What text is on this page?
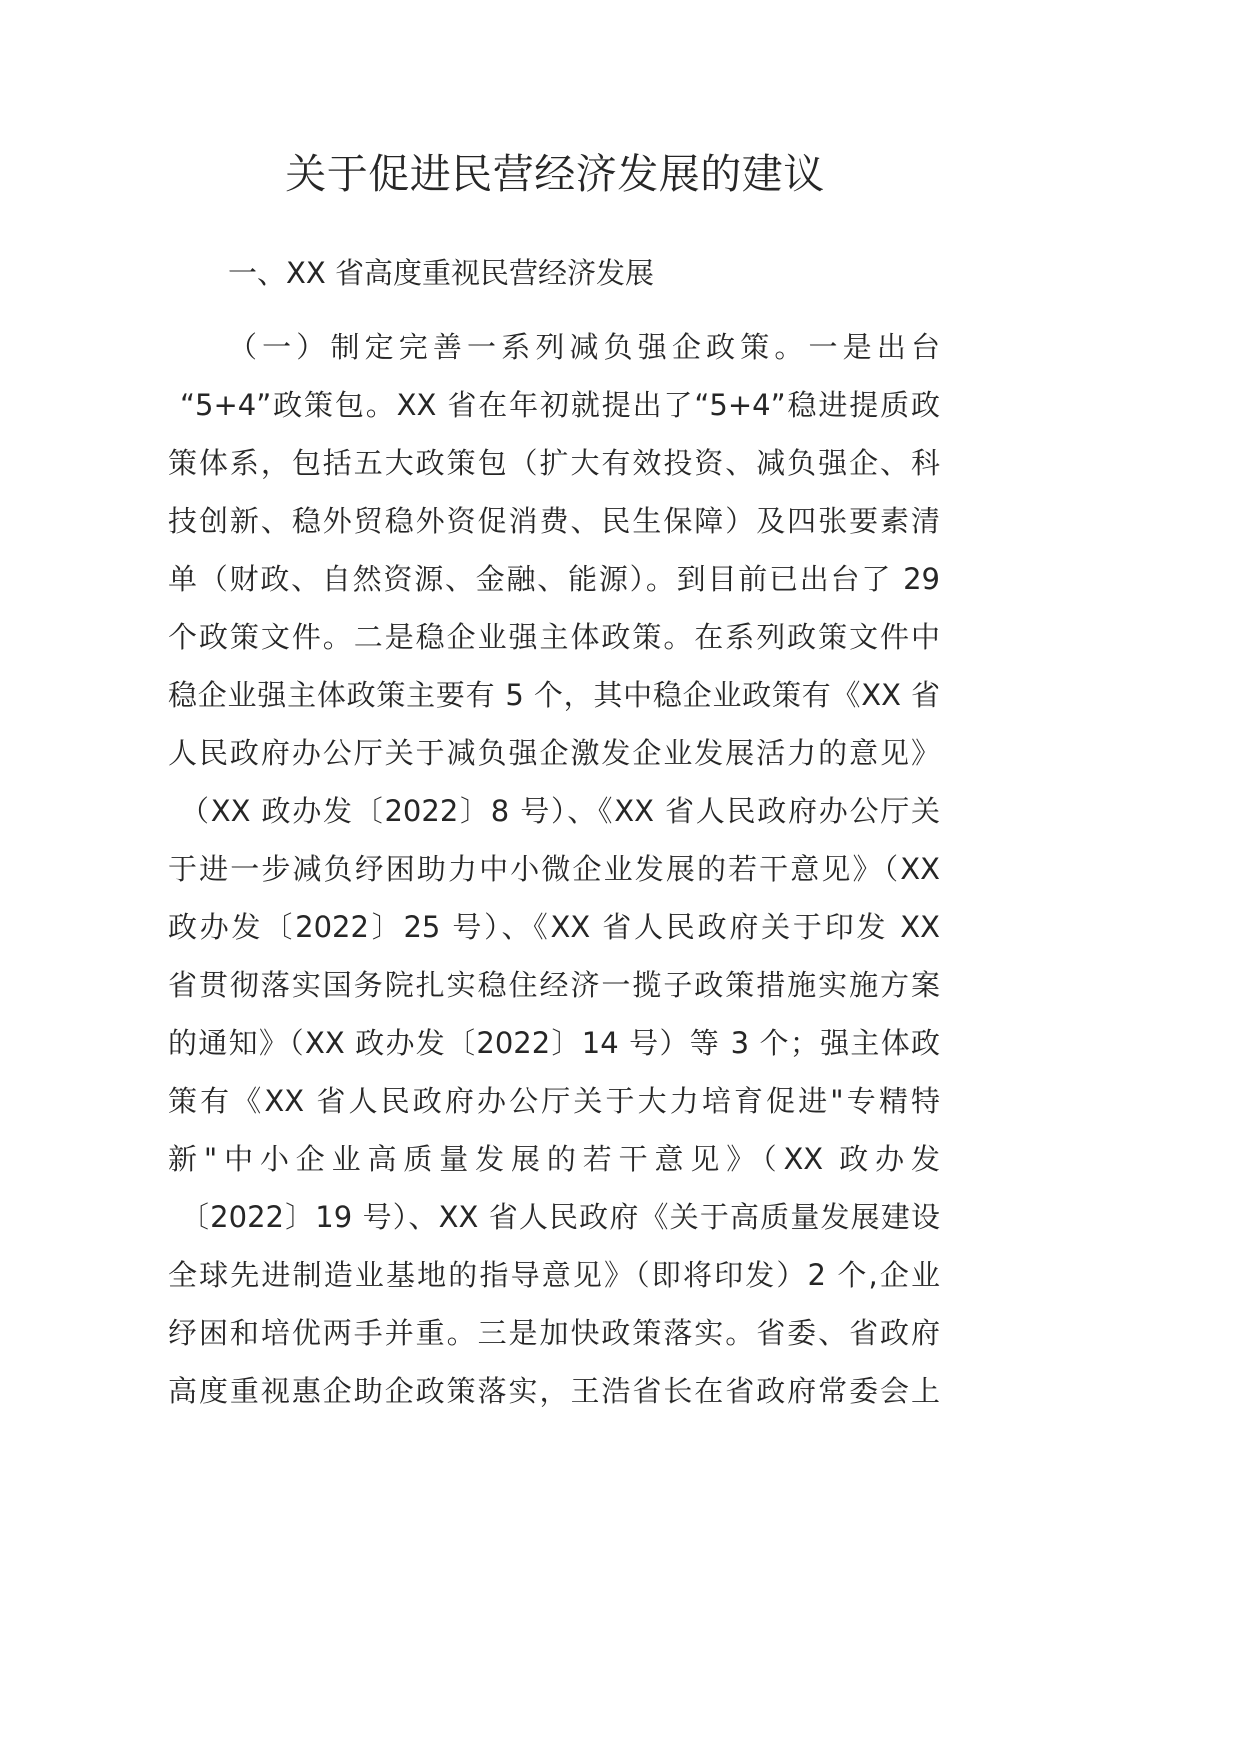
关于促进民营经济发展的建议
一、XX 省高度重视民营经济发展
（一）制定完善一系列减负强企政策。一是出台
“5+4”政策包。XX 省在年初就提出了“5+4”稳进提质政
策体系，包括五大政策包（扩大有效投资、减负强企、科
技创新、稳外贸稳外资促消费、民生保障）及四张要素清
单（财政、自然资源、金融、能源）。到目前已出台了 29
个政策文件。二是稳企业强主体政策。在系列政策文件中
稳企业强主体政策主要有 5 个，其中稳企业政策有《XX 省
人民政府办公厅关于减负强企激发企业发展活力的意见》
（XX 政办发〔2022〕8 号）、《XX 省人民政府办公厅关
于进一步减负纾困助力中小微企业发展的若干意见》（XX
政办发〔2022〕25 号）、《XX 省人民政府关于印发 XX
省贯彻落实国务院扎实稳住经济一揽子政策措施实施方案
的通知》（XX 政办发〔2022〕14 号）等 3 个；强主体政
策有《XX 省人民政府办公厅关于大力培育促进"专精特
新"中小企业高质量发展的若干意见》（XX 政办发
〔2022〕19 号）、XX 省人民政府《关于高质量发展建设
全球先进制造业基地的指导意见》（即将印发）2 个,企业
纾困和培优两手并重。三是加快政策落实。省委、省政府
高度重视惠企助企政策落实，王浩省长在省政府常委会上
